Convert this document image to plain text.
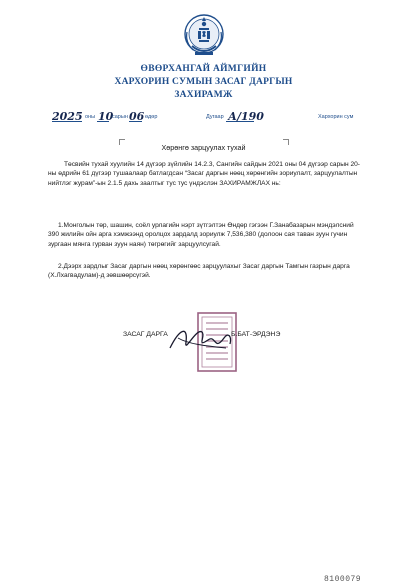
ӨВӨРХАНГАЙ АЙМГИЙН
ХАРХОРИН СУМЫН ЗАСАГ ДАРГЫН
ЗАХИРАМЖ
2025 оны 10
сарын 06 өдөр	Дугаар А/190	Хархорин сум
Хөрөнгө зарцуулах тухай
Төсвийн тухай хуулийн 14 дүгээр зүйлийн 14.2.3, Сангийн сайдын 2021 оны 04 дүгээр сарын 20-ны өдрийн 61 дүгээр тушаалаар батлагдсан “Засаг даргын нөөц хөрөнгийн зориулалт, зарцуулалтын нийтлэг журам”-ын 2.1.5 дахь заалтыг тус тус үндэслэн ЗАХИРАМЖЛАХ нь:
1.Монголын төр, шашин, соёл урлагийн нэрт зүтгэлтэн Өндөр гэгээн Г.Занабазарын мэндэлсний 390 жилийн ойн арга хэмжээнд оролцох зардалд зориулж 7,536,380 (долоон сая таван зуун гучин зургаан мянга гурван зуун наян) төгрөгийг зарцуулсугай.
2.Дээрх зардлыг Засаг даргын нөөц хөрөнгөөс зарцуулахыг Засаг даргын Тамгын газрын дарга (Х.Лхагвадулам)-д зөвшөөрсүгэй.
ЗАСАГ ДАРГА	Б.БАТ-ЭРДЭНЭ
8100079
